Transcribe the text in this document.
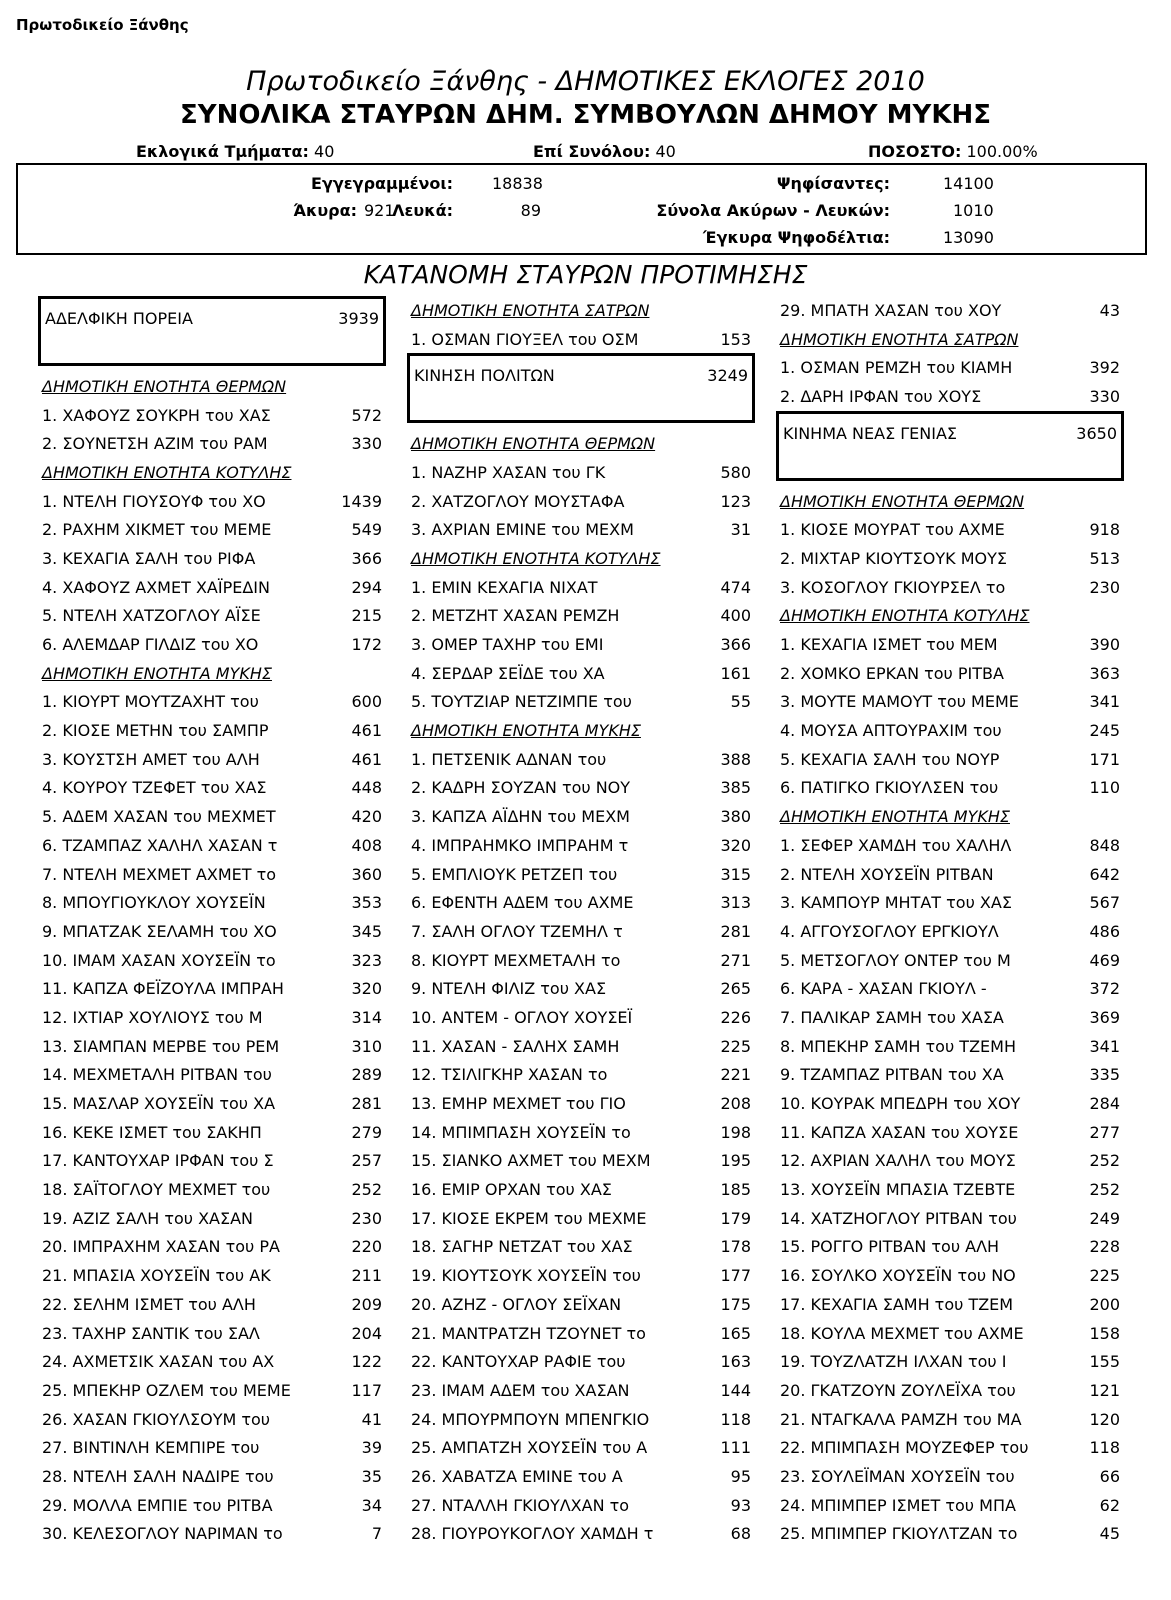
Πρωτοδικείο Ξάνθης
Πρωτοδικείο Ξάνθης - ΔΗΜΟΤΙΚΕΣ ΕΚΛΟΓΕΣ 2010
ΣΥΝΟΛΙΚΑ ΣΤΑΥΡΩΝ ΔΗΜ. ΣΥΜΒΟΥΛΩΝ ΔΗΜΟΥ ΜΥΚΗΣ
Εκλογικά Τμήματα: 40	Επί Συνόλου: 40	ΠΟΣΟΣΤΟ: 100.00%
Εγγεγραμμένοι: 18838	Ψηφίσαντες:	14100
Άκυρα: 921
Λευκά:	89	Σύνολα Ακύρων - Λευκών:	1010
Έγκυρα Ψηφοδέλτια:	13090
ΚΑΤΑΝΟΜΗ ΣΤΑΥΡΩΝ ΠΡΟΤΙΜΗΣΗΣ
ΑΔΕΛΦΙΚΗ ΠΟΡΕΙΑ	3939
ΔΗΜΟΤΙΚΗ ΕΝΟΤΗΤΑ ΘΕΡΜΩΝ
1. ΧΑΦΟΥΖ ΣΟΥΚΡΗ του ΧΑΣ	572
2. ΣΟΥΝΕΤΣΗ ΑΖΙΜ του ΡΑΜ	330
ΔΗΜΟΤΙΚΗ ΕΝΟΤΗΤΑ ΚΟΤΥΛΗΣ
1. ΝΤΕΛΗ ΓΙΟΥΣΟΥΦ του ΧΟ	1439
2. ΡΑΧΗΜ ΧΙΚΜΕΤ του ΜΕΜΕ	549
3. ΚΕΧΑΓΙΑ ΣΑΛΗ του ΡΙΦΑ	366
4. ΧΑΦΟΥΖ ΑΧΜΕΤ ΧΑΪΡΕΔΙΝ	294
5. ΝΤΕΛΗ ΧΑΤΖΟΓΛΟΥ ΑΪΣΕ	215
6. ΑΛΕΜΔΑΡ ΓΙΛΔΙΖ του ΧΟ	172
ΔΗΜΟΤΙΚΗ ΕΝΟΤΗΤΑ ΜΥΚΗΣ
1. ΚΙΟΥΡΤ ΜΟΥΤΖΑΧΗΤ του	600
2. ΚΙΟΣΕ ΜΕΤΗΝ του ΣΑΜΠΡ	461
3. ΚΟΥΣΤΣΗ ΑΜΕΤ του ΑΛΗ	461
4. ΚΟΥΡΟΥ ΤΖΕΦΕΤ του ΧΑΣ	448
5. ΑΔΕΜ ΧΑΣΑΝ του ΜΕΧΜΕΤ	420
6. ΤΖΑΜΠΑΖ ΧΑΛΗΛ ΧΑΣΑΝ τ	408
7. ΝΤΕΛΗ ΜΕΧΜΕΤ ΑΧΜΕΤ το	360
8. ΜΠΟΥΓΙΟΥΚΛΟΥ ΧΟΥΣΕΪΝ	353
9. ΜΠΑΤΖΑΚ ΣΕΛΑΜΗ του ΧΟ	345
10. ΙΜΑΜ ΧΑΣΑΝ ΧΟΥΣΕΪΝ το	323
11. ΚΑΠΖΑ ΦΕΪΖΟΥΛΑ ΙΜΠΡΑΗ	320
12. ΙΧΤΙΑΡ ΧΟΥΛΙΟΥΣ του Μ	314
13. ΣΙΑΜΠΑΝ ΜΕΡΒΕ του ΡΕΜ	310
14. ΜΕΧΜΕΤΑΛΗ ΡΙΤΒΑΝ του	289
15. ΜΑΣΛΑΡ ΧΟΥΣΕΪΝ του ΧΑ	281
16. ΚΕΚΕ ΙΣΜΕΤ του ΣΑΚΗΠ	279
17. ΚΑΝΤΟΥΧΑΡ ΙΡΦΑΝ του Σ	257
18. ΣΑΪΤΟΓΛΟΥ ΜΕΧΜΕΤ του	252
19. ΑΖΙΖ ΣΑΛΗ του ΧΑΣΑΝ	230
20. ΙΜΠΡΑΧΗΜ ΧΑΣΑΝ του ΡΑ	220
21. ΜΠΑΣΙΑ ΧΟΥΣΕΪΝ του ΑΚ	211
22. ΣΕΛΗΜ ΙΣΜΕΤ του ΑΛΗ	209
23. ΤΑΧΗΡ ΣΑΝΤΙΚ του ΣΑΛ	204
24. ΑΧΜΕΤΣΙΚ ΧΑΣΑΝ του ΑΧ	122
25. ΜΠΕΚΗΡ ΟΖΛΕΜ του ΜΕΜΕ	117
26. ΧΑΣΑΝ ΓΚΙΟΥΛΣΟΥΜ του	41
27. ΒΙΝΤΙΝΛΗ ΚΕΜΠΙΡΕ του	39
28. ΝΤΕΛΗ ΣΑΛΗ ΝΑΔΙΡΕ του	35
29. ΜΟΛΛΑ ΕΜΠΙΕ του ΡΙΤΒΑ	34
30. ΚΕΛΕΣΟΓΛΟΥ ΝΑΡΙΜΑΝ το	7
ΔΗΜΟΤΙΚΗ ΕΝΟΤΗΤΑ ΣΑΤΡΩΝ
1. ΟΣΜΑΝ ΓΙΟΥΞΕΛ του ΟΣΜ	153
ΚΙΝΗΣΗ ΠΟΛΙΤΩΝ	3249
ΔΗΜΟΤΙΚΗ ΕΝΟΤΗΤΑ ΘΕΡΜΩΝ
1. ΝΑΖΗΡ ΧΑΣΑΝ του ΓΚ	580
2. ΧΑΤΖΟΓΛΟΥ ΜΟΥΣΤΑΦΑ	123
3. ΑΧΡΙΑΝ ΕΜΙΝΕ του ΜΕΧΜ	31
ΔΗΜΟΤΙΚΗ ΕΝΟΤΗΤΑ ΚΟΤΥΛΗΣ
1. ΕΜΙΝ ΚΕΧΑΓΙΑ ΝΙΧΑΤ	474
2. ΜΕΤΖΗΤ ΧΑΣΑΝ ΡΕΜΖΗ	400
3. ΟΜΕΡ ΤΑΧΗΡ του ΕΜΙ	366
4. ΣΕΡΔΑΡ ΣΕΪΔΕ του ΧΑ	161
5. ΤΟΥΤΖΙΑΡ ΝΕΤΖΙΜΠΕ του	55
ΔΗΜΟΤΙΚΗ ΕΝΟΤΗΤΑ ΜΥΚΗΣ
1. ΠΕΤΣΕΝΙΚ ΑΔΝΑΝ του	388
2. ΚΑΔΡΗ ΣΟΥΖΑΝ του ΝΟΥ	385
3. ΚΑΠΖΑ ΑΪΔΗΝ του ΜΕΧΜ	380
4. ΙΜΠΡΑΗΜΚΟ ΙΜΠΡΑΗΜ τ	320
5. ΕΜΠΛΙΟΥΚ ΡΕΤΖΕΠ του	315
6. ΕΦΕΝΤΗ ΑΔΕΜ του ΑΧΜΕ	313
7. ΣΑΛΗ ΟΓΛΟΥ ΤΖΕΜΗΛ τ	281
8. ΚΙΟΥΡΤ ΜΕΧΜΕΤΑΛΗ το	271
9. ΝΤΕΛΗ ΦΙΛΙΖ του ΧΑΣ	265
10. ΑΝΤΕΜ - ΟΓΛΟΥ ΧΟΥΣΕΪ	226
11. ΧΑΣΑΝ - ΣΑΛΗΧ ΣΑΜΗ	225
12. ΤΣΙΛΙΓΚΗΡ ΧΑΣΑΝ το	221
13. ΕΜΗΡ ΜΕΧΜΕΤ του ΓΙΟ	208
14. ΜΠΙΜΠΑΣΗ ΧΟΥΣΕΪΝ το	198
15. ΣΙΑΝΚΟ ΑΧΜΕΤ του ΜΕΧΜ	195
16. ΕΜΙΡ ΟΡΧΑΝ του ΧΑΣ	185
17. ΚΙΟΣΕ ΕΚΡΕΜ του ΜΕΧΜΕ	179
18. ΣΑΓΗΡ ΝΕΤΖΑΤ του ΧΑΣ	178
19. ΚΙΟΥΤΣΟΥΚ ΧΟΥΣΕΪΝ του	177
20. ΑΖΗΖ - ΟΓΛΟΥ ΣΕΪΧΑΝ	175
21. ΜΑΝΤΡΑΤΖΗ ΤΖΟΥΝΕΤ το	165
22. ΚΑΝΤΟΥΧΑΡ ΡΑΦΙΕ του	163
23. ΙΜΑΜ ΑΔΕΜ του ΧΑΣΑΝ	144
24. ΜΠΟΥΡΜΠΟΥΝ ΜΠΕΝΓΚΙΟ	118
25. ΑΜΠΑΤΖΗ ΧΟΥΣΕΪΝ του Α	111
26. ΧΑΒΑΤΖΑ ΕΜΙΝΕ του Α	95
27. ΝΤΑΛΛΗ ΓΚΙΟΥΛΧΑΝ το	93
28. ΓΙΟΥΡΟΥΚΟΓΛΟΥ ΧΑΜΔΗ τ	68
29. ΜΠΑΤΗ ΧΑΣΑΝ του ΧΟΥ	43
ΔΗΜΟΤΙΚΗ ΕΝΟΤΗΤΑ ΣΑΤΡΩΝ
1. ΟΣΜΑΝ ΡΕΜΖΗ του ΚΙΑΜΗ	392
2. ΔΑΡΗ ΙΡΦΑΝ του ΧΟΥΣ	330
ΚΙΝΗΜΑ ΝΕΑΣ ΓΕΝΙΑΣ	3650
ΔΗΜΟΤΙΚΗ ΕΝΟΤΗΤΑ ΘΕΡΜΩΝ
1. ΚΙΟΣΕ ΜΟΥΡΑΤ του ΑΧΜΕ	918
2. ΜΙΧΤΑΡ ΚΙΟΥΤΣΟΥΚ ΜΟΥΣ	513
3. ΚΟΣΟΓΛΟΥ ΓΚΙΟΥΡΣΕΛ το	230
ΔΗΜΟΤΙΚΗ ΕΝΟΤΗΤΑ ΚΟΤΥΛΗΣ
1. ΚΕΧΑΓΙΑ ΙΣΜΕΤ του ΜΕΜ	390
2. ΧΟΜΚΟ ΕΡΚΑΝ του ΡΙΤΒΑ	363
3. ΜΟΥΤΕ ΜΑΜΟΥΤ του ΜΕΜΕ	341
4. ΜΟΥΣΑ ΑΠΤΟΥΡΑΧΙΜ του	245
5. ΚΕΧΑΓΙΑ ΣΑΛΗ του ΝΟΥΡ	171
6. ΠΑΤΙΓΚΟ ΓΚΙΟΥΛΣΕΝ του	110
ΔΗΜΟΤΙΚΗ ΕΝΟΤΗΤΑ ΜΥΚΗΣ
1. ΣΕΦΕΡ ΧΑΜΔΗ του ΧΑΛΗΛ	848
2. ΝΤΕΛΗ ΧΟΥΣΕΪΝ ΡΙΤΒΑΝ	642
3. ΚΑΜΠΟΥΡ ΜΗΤΑΤ του ΧΑΣ	567
4. ΑΓΓΟΥΣΟΓΛΟΥ ΕΡΓΚΙΟΥΛ	486
5. ΜΕΤΣΟΓΛΟΥ ΟΝΤΕΡ του Μ	469
6. ΚΑΡΑ - ΧΑΣΑΝ ΓΚΙΟΥΛ -	372
7. ΠΑΛΙΚΑΡ ΣΑΜΗ του ΧΑΣΑ	369
8. ΜΠΕΚΗΡ ΣΑΜΗ του ΤΖΕΜΗ	341
9. ΤΖΑΜΠΑΖ ΡΙΤΒΑΝ του ΧΑ	335
10. ΚΟΥΡΑΚ ΜΠΕΔΡΗ του ΧΟΥ	284
11. ΚΑΠΖΑ ΧΑΣΑΝ του ΧΟΥΣΕ	277
12. ΑΧΡΙΑΝ ΧΑΛΗΛ του ΜΟΥΣ	252
13. ΧΟΥΣΕΪΝ ΜΠΑΣΙΑ ΤΖΕΒΤΕ	252
14. ΧΑΤΖΗΟΓΛΟΥ ΡΙΤΒΑΝ του	249
15. ΡΟΓΓΟ ΡΙΤΒΑΝ του ΑΛΗ	228
16. ΣΟΥΛΚΟ ΧΟΥΣΕΪΝ του ΝΟ	225
17. ΚΕΧΑΓΙΑ ΣΑΜΗ του ΤΖΕΜ	200
18. ΚΟΥΛΑ ΜΕΧΜΕΤ του ΑΧΜΕ	158
19. ΤΟΥΖΛΑΤΖΗ ΙΛΧΑΝ του Ι	155
20. ΓΚΑΤΖΟΥΝ ΖΟΥΛΕΪΧΑ του	121
21. ΝΤΑΓΚΑΛΑ ΡΑΜΖΗ του ΜΑ	120
22. ΜΠΙΜΠΑΣΗ ΜΟΥΖΕΦΕΡ του	118
23. ΣΟΥΛΕΪΜΑΝ ΧΟΥΣΕΪΝ του	66
24. ΜΠΙΜΠΕΡ ΙΣΜΕΤ του ΜΠΑ	62
25. ΜΠΙΜΠΕΡ ΓΚΙΟΥΛΤΖΑΝ το	45
